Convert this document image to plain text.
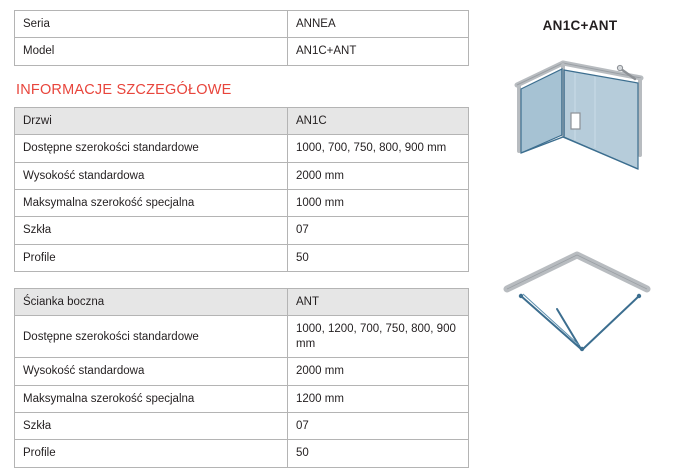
Seria	ANNEA
Model	AN1C+ANT
INFORMACJE SZCZEGÓŁOWE
Drzwi	AN1C
Dostępne szerokości standardowe	1000, 700, 750, 800, 900 mm
Wysokość standardowa	2000 mm
Maksymalna szerokość specjalna	1000 mm
Szkła	07
Profile	50
Ścianka boczna	ANT
Dostępne szerokości standardowe	1000, 1200, 700, 750, 800, 900 mm
Wysokość standardowa	2000 mm
Maksymalna szerokość specjalna	1200 mm
Szkła	07
Profile	50
AN1C+ANT
